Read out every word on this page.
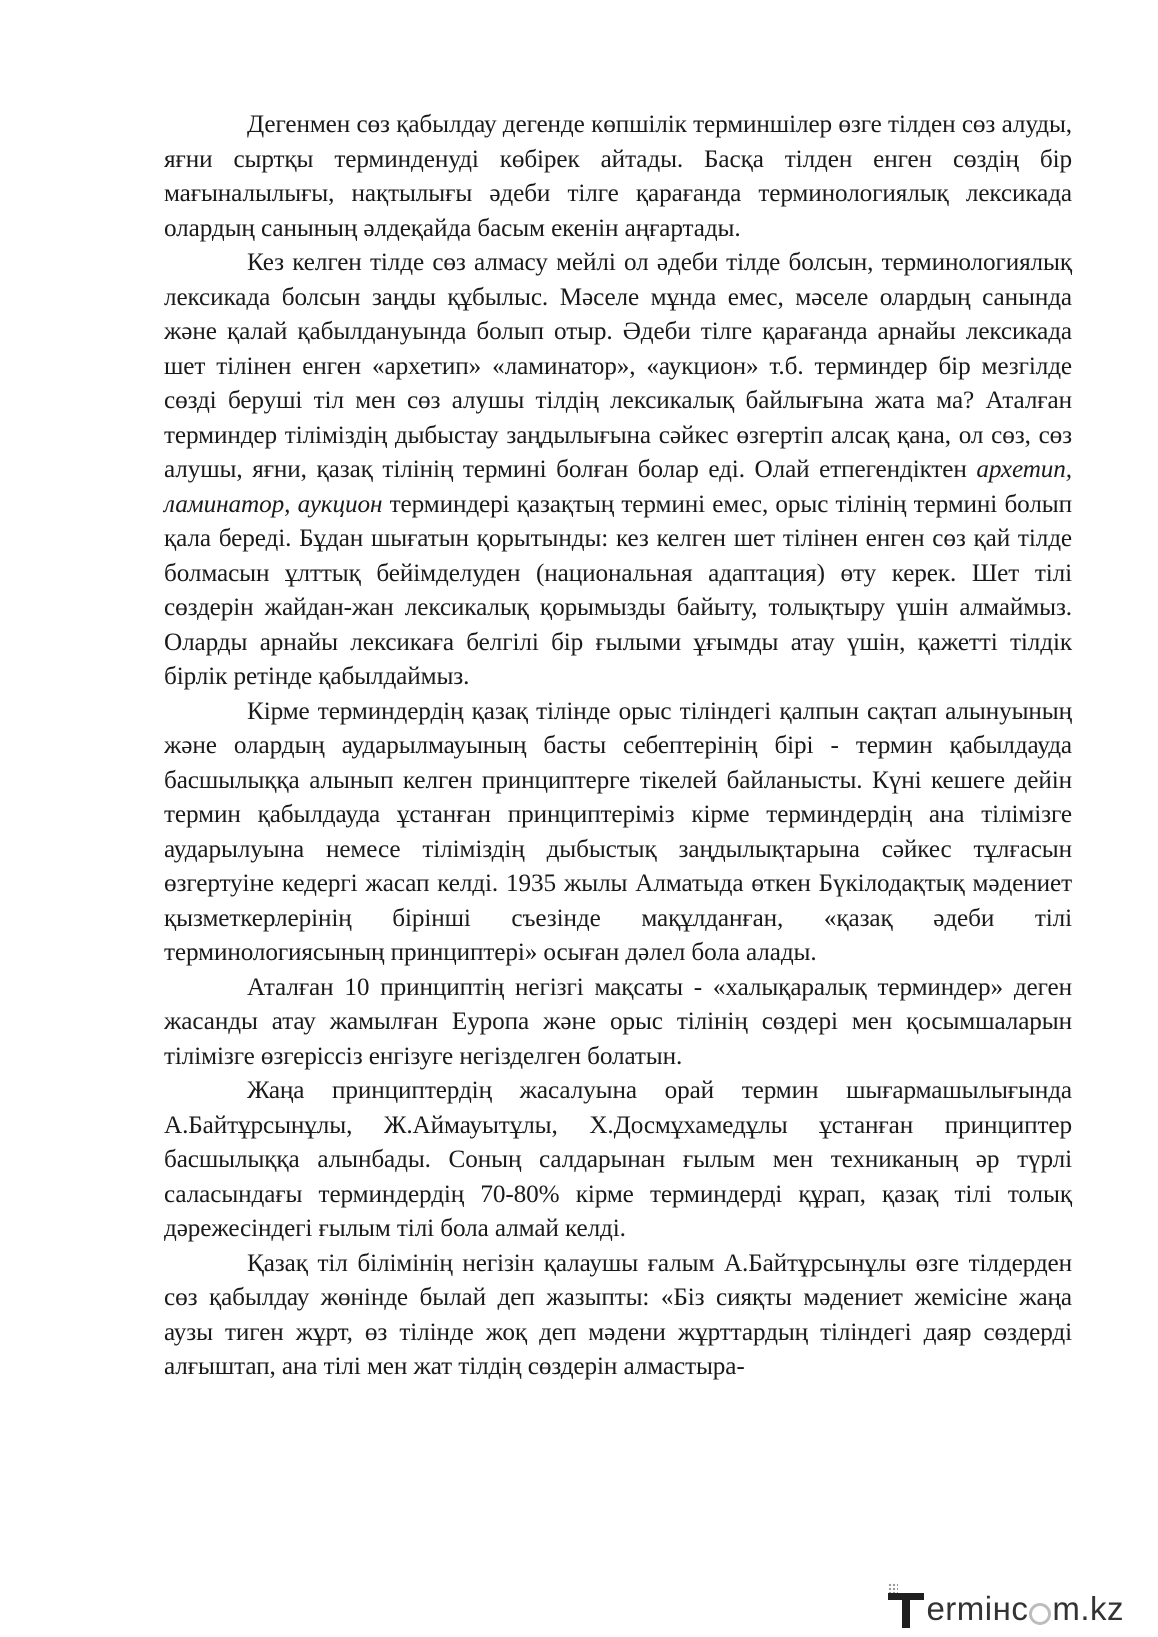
Дегенмен сөз қабылдау дегенде көпшілік терминшілер өзге тілден сөз алуды, яғни сыртқы терминденуді көбірек айтады. Басқа тілден енген сөздің бір мағыналылығы, нақтылығы әдеби тілге қарағанда терминологиялық лексикада олардың санының әлдеқайда басым екенін аңғартады.

Кез келген тілде сөз алмасу мейлі ол әдеби тілде болсын, терминологиялық лексикада болсын заңды құбылыс. Мәселе мұнда емес, мәселе олардың санында және қалай қабылдануында болып отыр. Әдеби тілге қарағанда арнайы лексикада шет тілінен енген «архетип» «ламинатор», «аукцион» т.б. терминдер бір мезгілде сөзді беруші тіл мен сөз алушы тілдің лексикалық байлығына жата ма? Аталған терминдер тіліміздің дыбыстау заңдылығына сәйкес өзгертіп алсақ қана, ол сөз, сөз алушы, яғни, қазақ тілінің термині болған болар еді. Олай етпегендіктен архетип, ламинатор, аукцион терминдері қазақтың термині емес, орыс тілінің термині болып қала береді. Бұдан шығатын қорытынды: кез келген шет тілінен енген сөз қай тілде болмасын ұлттық бейімделуден (национальная адаптация) өту керек. Шет тілі сөздерін жайдан-жан лексикалық қорымызды байыту, толықтыру үшін алмаймыз. Оларды арнайы лексикаға белгілі бір ғылыми ұғымды атау үшін, қажетті тілдік бірлік ретінде қабылдаймыз.

Кірме терминдердің қазақ тілінде орыс тіліндегі қалпын сақтап алынуының және олардың аударылмауының басты себептерінің бірі - термин қабылдауда басшылыққа алынып келген принциптерге тікелей байланысты. Күні кешеге дейін термин қабылдауда ұстанған принциптеріміз кірме терминдердің ана тілімізге аударылуына немесе тіліміздің дыбыстық заңдылықтарына сәйкес тұлғасын өзгертуіне кедергі жасап келді. 1935 жылы Алматыда өткен Бүкілодақтық мәдениет қызметкерлерінің бірінші съезінде мақұлданған, «қазақ әдеби тілі терминологиясының принциптері» осыған дәлел бола алады.

Аталған 10 принциптің негізгі мақсаты - «халықаралық терминдер» деген жасанды атау жамылған Еуропа және орыс тілінің сөздері мен қосымшаларын тілімізге өзгеріссіз енгізуге негізделген болатын.

Жаңа принциптердің жасалуына орай термин шығармашылығында А.Байтұрсынұлы, Ж.Аймауытұлы, Х.Досмұхамедұлы ұстанған принциптер басшылыққа алынбады. Соның салдарынан ғылым мен техниканың әр түрлі саласындағы терминдердің 70-80% кірме терминдерді құрап, қазақ тілі толық дәрежесіндегі ғылым тілі бола алмай келді.

Қазақ тіл білімінің негізін қалаушы ғалым А.Байтұрсынұлы өзге тілдерден сөз қабылдау жөнінде былай деп жазыпты: «Біз сияқты мәдениет жемісіне жаңа аузы тиген жұрт, өз тілінде жоқ деп мәдени жұрттардың тіліндегі даяр сөздерді алғыштап, ана тілі мен жат тілдің сөздерін алмастыра-

ermінc m.kz
